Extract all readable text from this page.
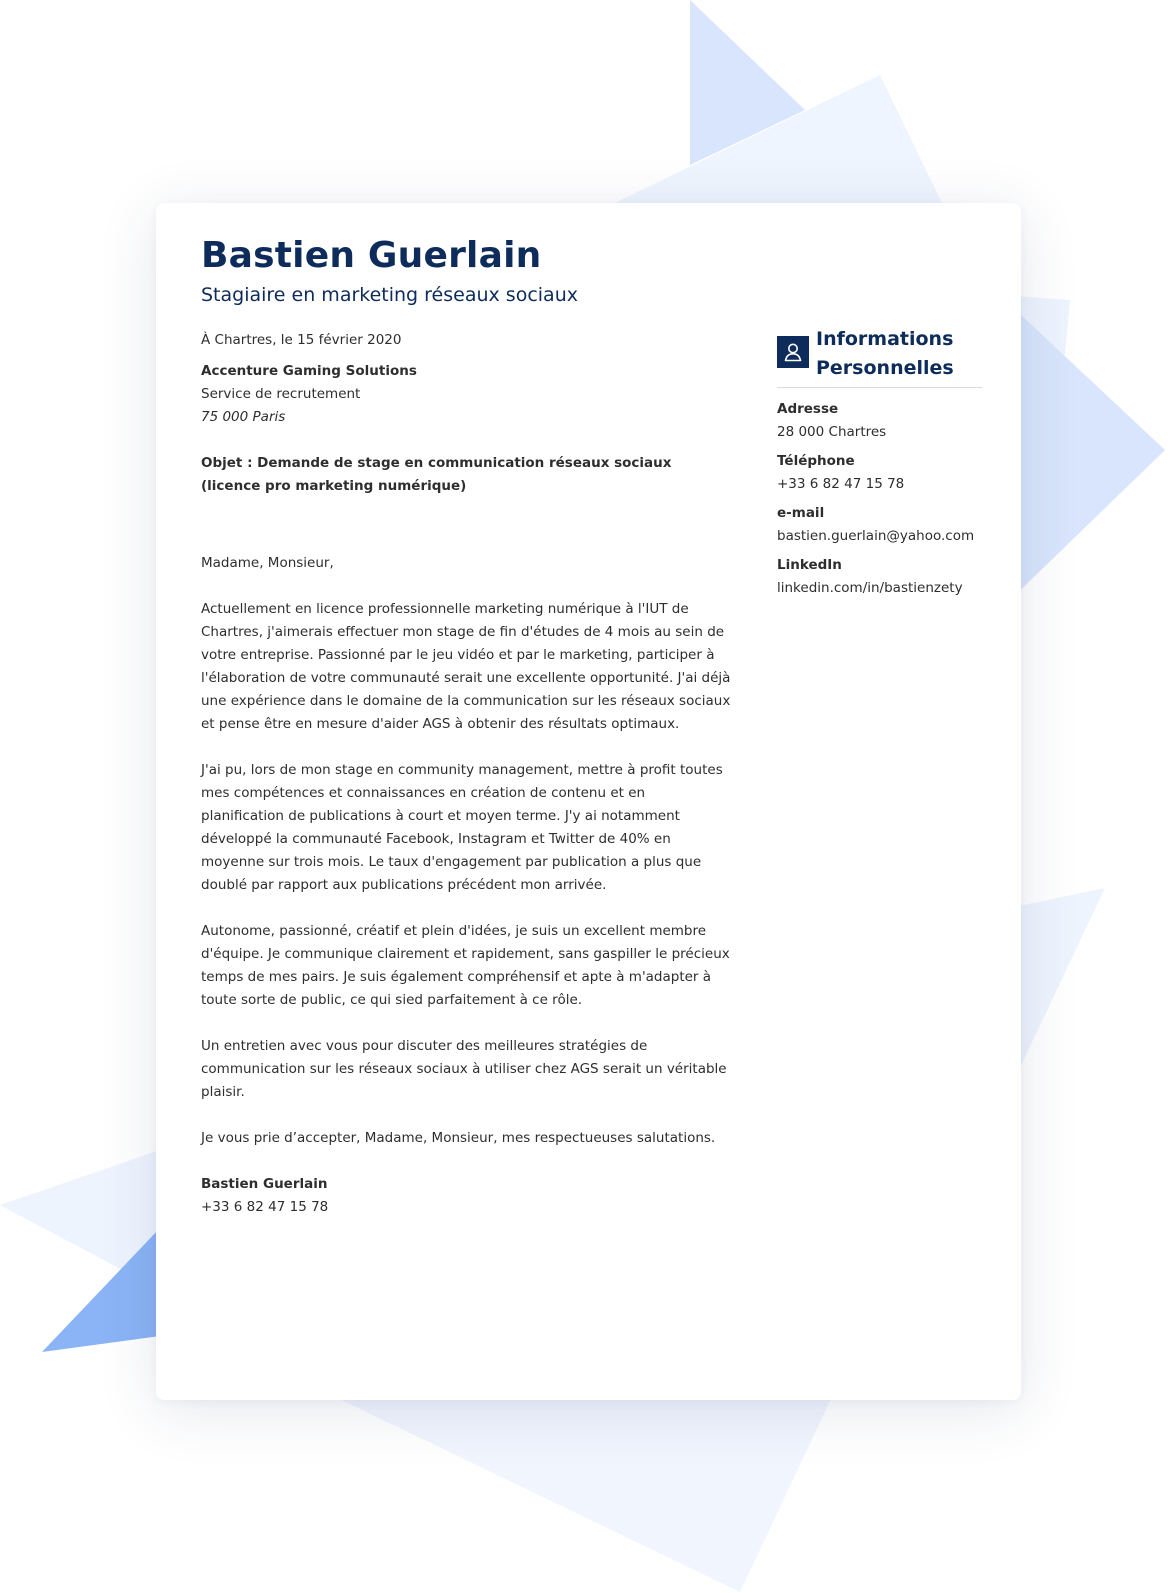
Bastien Guerlain
Stagiaire en marketing réseaux sociaux

À Chartres, le 15 février 2020

Accenture Gaming Solutions

Service de recrutement

75 000 Paris

Objet : Demande de stage en communication réseaux sociaux (licence pro marketing numérique)

Madame, Monsieur,

Actuellement en licence professionnelle marketing numérique à l'IUT de Chartres, j'aimerais effectuer mon stage de fin d'études de 4 mois au sein de votre entreprise. Passionné par le jeu vidéo et par le marketing, participer à l'élaboration de votre communauté serait une excellente opportunité. J'ai déjà une expérience dans le domaine de la communication sur les réseaux sociaux et pense être en mesure d'aider AGS à obtenir des résultats optimaux.

J'ai pu, lors de mon stage en community management, mettre à profit toutes mes compétences et connaissances en création de contenu et en planification de publications à court et moyen terme. J'y ai notamment développé la communauté Facebook, Instagram et Twitter de 40% en moyenne sur trois mois. Le taux d'engagement par publication a plus que doublé par rapport aux publications précédent mon arrivée.

Autonome, passionné, créatif et plein d'idées, je suis un excellent membre d'équipe. Je communique clairement et rapidement, sans gaspiller le précieux temps de mes pairs. Je suis également compréhensif et apte à m'adapter à toute sorte de public, ce qui sied parfaitement à ce rôle.

Un entretien avec vous pour discuter des meilleures stratégies de communication sur les réseaux sociaux à utiliser chez AGS serait un véritable plaisir.

Je vous prie d’accepter, Madame, Monsieur, mes respectueuses salutations.

Bastien Guerlain

+33 6 82 47 15 78

Informations
Personnelles
Adresse
28 000 Chartres
Téléphone
+33 6 82 47 15 78
e-mail
bastien.guerlain@yahoo.com
LinkedIn
linkedin.com/in/bastienzety
